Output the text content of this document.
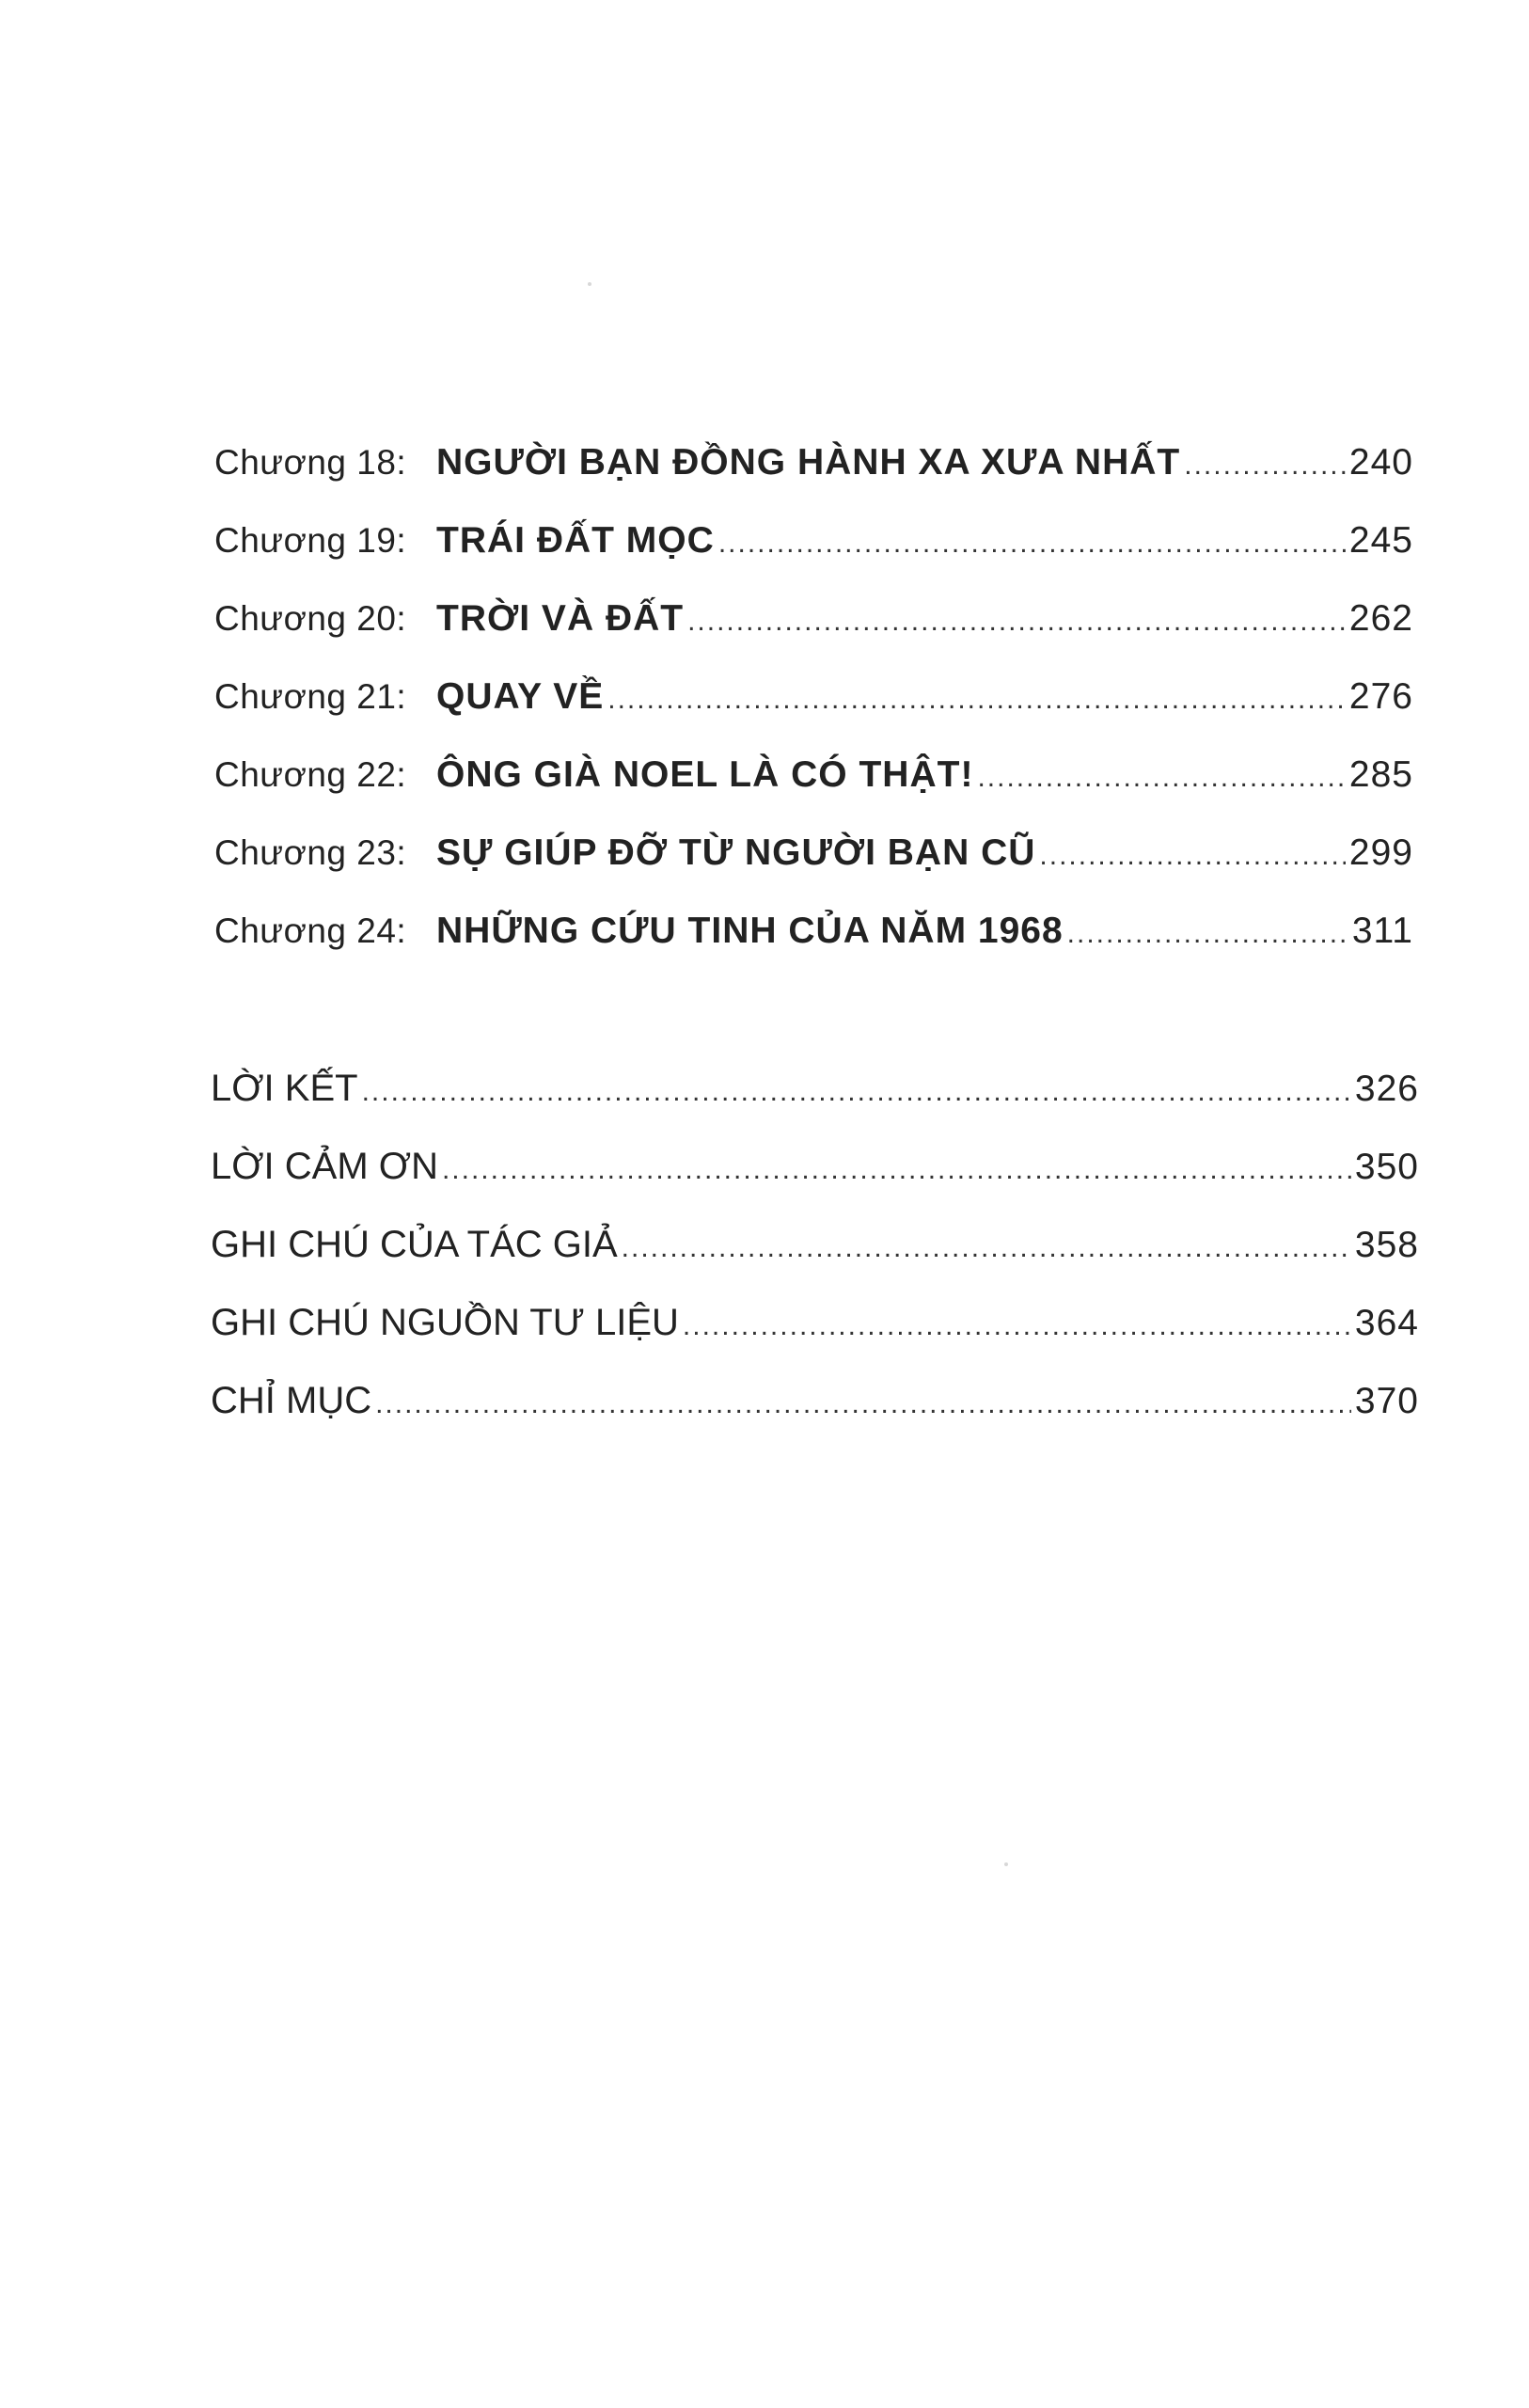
Chương 18: NGƯỜI BẠN ĐỒNG HÀNH XA XƯA NHẤT .....	240
Chương 19: TRÁI ĐẤT MỌC .....	245
Chương 20: TRỜI VÀ ĐẤT .....	262
Chương 21: QUAY VỀ .....	276
Chương 22: ÔNG GIÀ NOEL LÀ CÓ THẬT! .....	285
Chương 23: SỰ GIÚP ĐỠ TỪ NGƯỜI BẠN CŨ .....	299
Chương 24: NHỮNG CỨU TINH CỦA NĂM 1968 .....	311
LỜI KẾT .....	326
LỜI CẢM ƠN .....	350
GHI CHÚ CỦA TÁC GIẢ .....	358
GHI CHÚ NGUỒN TƯ LIỆU .....	364
CHỈ MỤC .....	370
